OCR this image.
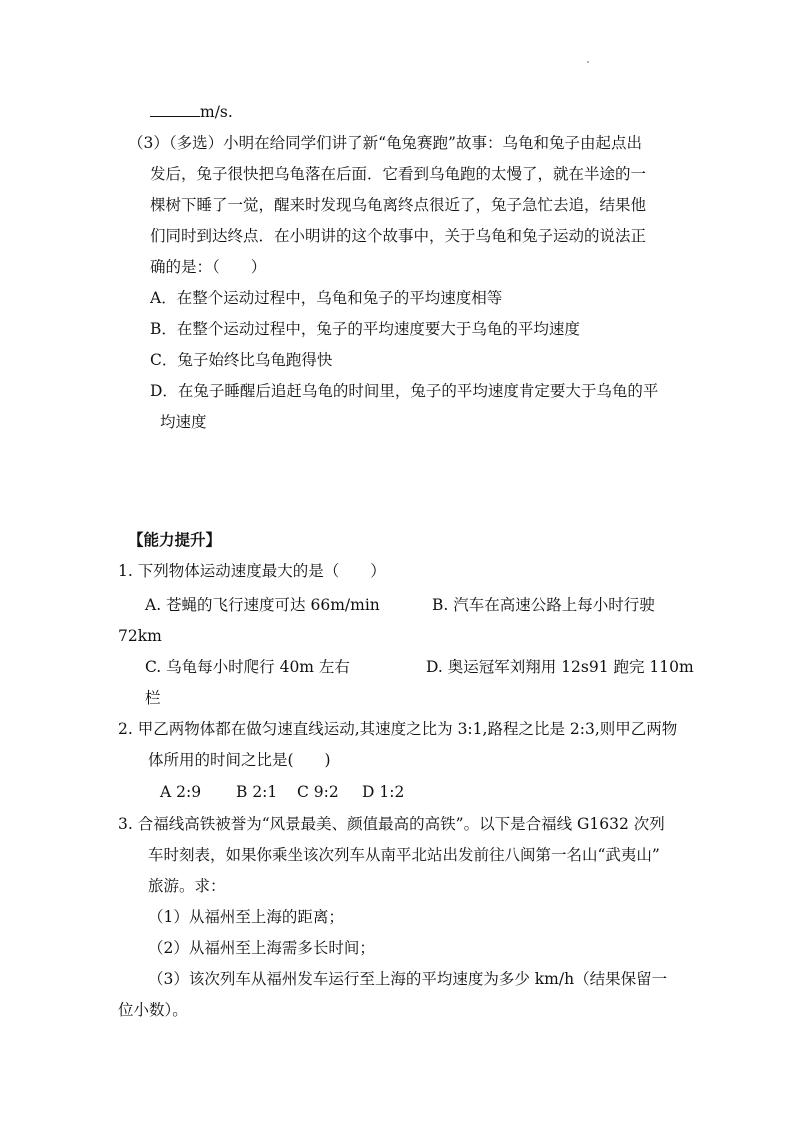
m/s.
（3）（多选）小明在给同学们讲了新“龟兔赛跑”故事：乌龟和兔子由起点出
发后，兔子很快把乌龟落在后面．它看到乌龟跑的太慢了，就在半途的一
棵树下睡了一觉，醒来时发现乌龟离终点很近了，兔子急忙去追，结果他
们同时到达终点．在小明讲的这个故事中，关于乌龟和兔子运动的说法正
确的是：（　　）
A．在整个运动过程中，乌龟和兔子的平均速度相等
B．在整个运动过程中，兔子的平均速度要大于乌龟的平均速度
C．兔子始终比乌龟跑得快
D．在兔子睡醒后追赶乌龟的时间里，兔子的平均速度肯定要大于乌龟的平
均速度
【能力提升】
1. 下列物体运动速度最大的是（　　）
A. 苍蝇的飞行速度可达 66m/min	B. 汽车在高速公路上每小时行驶
72km
C. 乌龟每小时爬行 40m 左右	D. 奥运冠军刘翔用 12s91 跑完 110m
栏
2. 甲乙两物体都在做匀速直线运动,其速度之比为 3:1,路程之比是 2:3,则甲乙两物
体所用的时间之比是(　　)
A 2:9 B 2:1 C 9:2 D 1:2
3. 合福线高铁被誉为“风景最美、颜值最高的高铁”。以下是合福线 G1632 次列
车时刻表，如果你乘坐该次列车从南平北站出发前往八闽第一名山“武夷山”
旅游。求：
（1）从福州至上海的距离；
（2）从福州至上海需多长时间；
（3）该次列车从福州发车运行至上海的平均速度为多少 km/h（结果保留一
位小数）。
